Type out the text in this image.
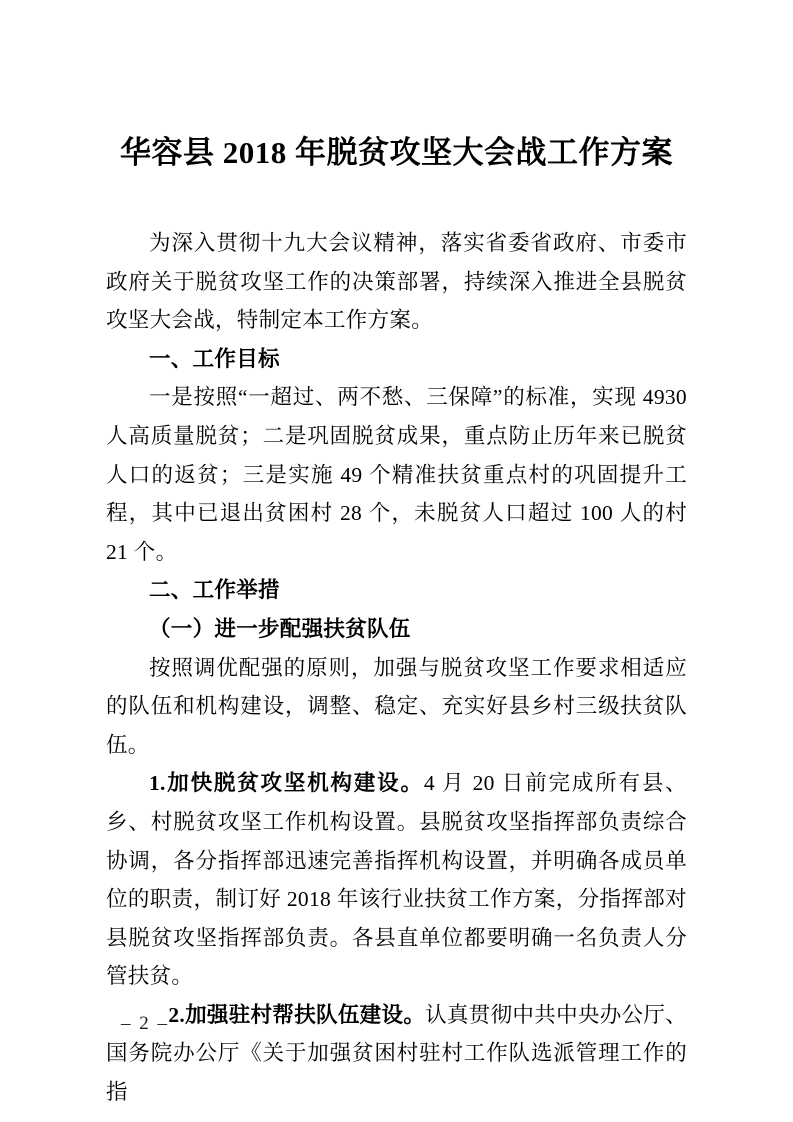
华容县 2018 年脱贫攻坚大会战工作方案

为深入贯彻十九大会议精神，落实省委省政府、市委市政府关于脱贫攻坚工作的决策部署，持续深入推进全县脱贫攻坚大会战，特制定本工作方案。

一、工作目标

一是按照“一超过、两不愁、三保障”的标准，实现 4930 人高质量脱贫；二是巩固脱贫成果，重点防止历年来已脱贫人口的返贫；三是实施 49 个精准扶贫重点村的巩固提升工程，其中已退出贫困村 28 个，未脱贫人口超过 100 人的村 21 个。

二、工作举措

（一）进一步配强扶贫队伍

按照调优配强的原则，加强与脱贫攻坚工作要求相适应的队伍和机构建设，调整、稳定、充实好县乡村三级扶贫队伍。

1.加快脱贫攻坚机构建设。4 月 20 日前完成所有县、乡、村脱贫攻坚工作机构设置。县脱贫攻坚指挥部负责综合协调，各分指挥部迅速完善指挥机构设置，并明确各成员单位的职责，制订好 2018 年该行业扶贫工作方案，分指挥部对县脱贫攻坚指挥部负责。各县直单位都要明确一名负责人分管扶贫。

2.加强驻村帮扶队伍建设。认真贯彻中共中央办公厅、国务院办公厅《关于加强贫困村驻村工作队选派管理工作的指

– 2 –
